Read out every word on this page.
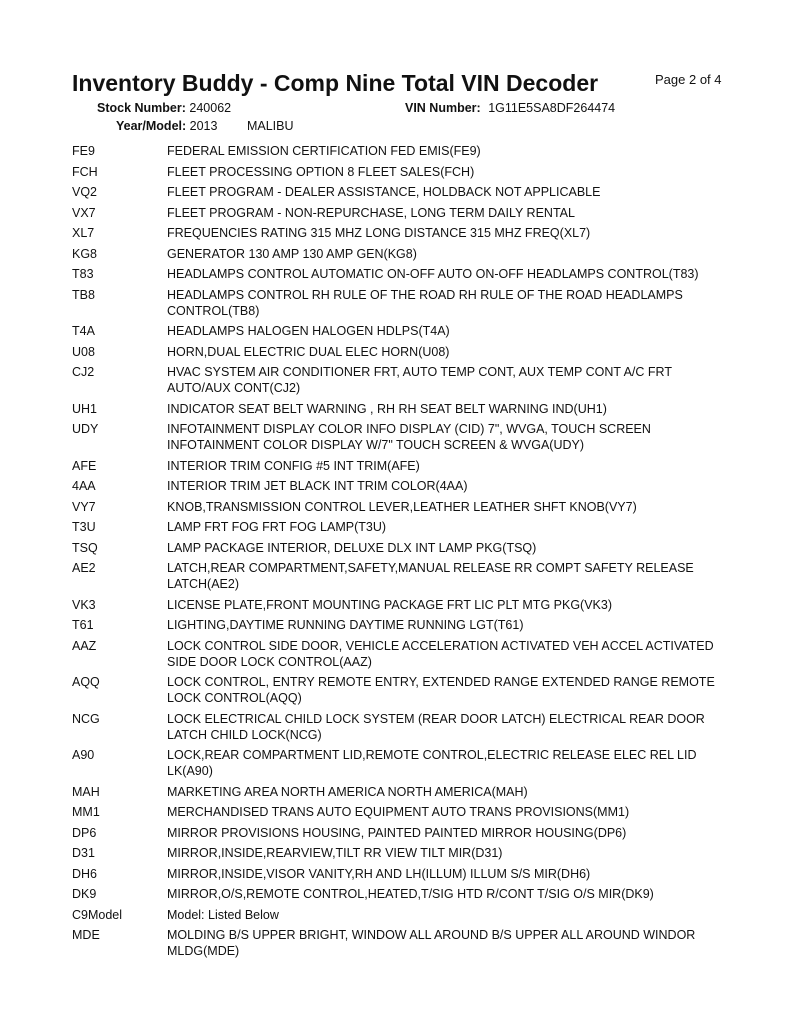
Inventory Buddy - Comp Nine Total VIN Decoder	Page 2 of 4
Stock Number: 240062	VIN Number: 1G11E5SA8DF264474
Year/Model: 2013 MALIBU
FE9	FEDERAL EMISSION CERTIFICATION FED EMIS(FE9)
FCH	FLEET PROCESSING OPTION 8 FLEET SALES(FCH)
VQ2	FLEET PROGRAM - DEALER ASSISTANCE, HOLDBACK NOT APPLICABLE
VX7	FLEET PROGRAM - NON-REPURCHASE, LONG TERM DAILY RENTAL
XL7	FREQUENCIES RATING 315 MHZ LONG DISTANCE 315 MHZ FREQ(XL7)
KG8	GENERATOR 130 AMP 130 AMP GEN(KG8)
T83	HEADLAMPS CONTROL AUTOMATIC ON-OFF AUTO ON-OFF HEADLAMPS CONTROL(T83)
TB8	HEADLAMPS CONTROL RH RULE OF THE ROAD RH RULE OF THE ROAD HEADLAMPS CONTROL(TB8)
T4A	HEADLAMPS HALOGEN HALOGEN HDLPS(T4A)
U08	HORN,DUAL ELECTRIC DUAL ELEC HORN(U08)
CJ2	HVAC SYSTEM AIR CONDITIONER FRT, AUTO TEMP CONT, AUX TEMP CONT A/C FRT AUTO/AUX CONT(CJ2)
UH1	INDICATOR SEAT BELT WARNING , RH RH SEAT BELT WARNING IND(UH1)
UDY	INFOTAINMENT DISPLAY COLOR INFO DISPLAY (CID) 7", WVGA, TOUCH SCREEN INFOTAINMENT COLOR DISPLAY W/7" TOUCH SCREEN & WVGA(UDY)
AFE	INTERIOR TRIM CONFIG #5 INT TRIM(AFE)
4AA	INTERIOR TRIM JET BLACK INT TRIM COLOR(4AA)
VY7	KNOB,TRANSMISSION CONTROL LEVER,LEATHER LEATHER SHFT KNOB(VY7)
T3U	LAMP FRT FOG FRT FOG LAMP(T3U)
TSQ	LAMP PACKAGE INTERIOR, DELUXE DLX INT LAMP PKG(TSQ)
AE2	LATCH,REAR COMPARTMENT,SAFETY,MANUAL RELEASE RR COMPT SAFETY RELEASE LATCH(AE2)
VK3	LICENSE PLATE,FRONT MOUNTING PACKAGE FRT LIC PLT MTG PKG(VK3)
T61	LIGHTING,DAYTIME RUNNING DAYTIME RUNNING LGT(T61)
AAZ	LOCK CONTROL SIDE DOOR, VEHICLE ACCELERATION ACTIVATED VEH ACCEL ACTIVATED SIDE DOOR LOCK CONTROL(AAZ)
AQQ	LOCK CONTROL, ENTRY REMOTE ENTRY, EXTENDED RANGE EXTENDED RANGE REMOTE LOCK CONTROL(AQQ)
NCG	LOCK ELECTRICAL CHILD LOCK SYSTEM (REAR DOOR LATCH) ELECTRICAL REAR DOOR LATCH CHILD LOCK(NCG)
A90	LOCK,REAR COMPARTMENT LID,REMOTE CONTROL,ELECTRIC RELEASE ELEC REL LID LK(A90)
MAH	MARKETING AREA NORTH AMERICA NORTH AMERICA(MAH)
MM1	MERCHANDISED TRANS AUTO EQUIPMENT AUTO TRANS PROVISIONS(MM1)
DP6	MIRROR PROVISIONS HOUSING, PAINTED PAINTED MIRROR HOUSING(DP6)
D31	MIRROR,INSIDE,REARVIEW,TILT RR VIEW TILT MIR(D31)
DH6	MIRROR,INSIDE,VISOR VANITY,RH AND LH(ILLUM) ILLUM S/S MIR(DH6)
DK9	MIRROR,O/S,REMOTE CONTROL,HEATED,T/SIG HTD R/CONT T/SIG O/S MIR(DK9)
C9Model	Model: Listed Below
MDE	MOLDING B/S UPPER BRIGHT, WINDOW ALL AROUND B/S UPPER ALL AROUND WINDOR MLDG(MDE)
